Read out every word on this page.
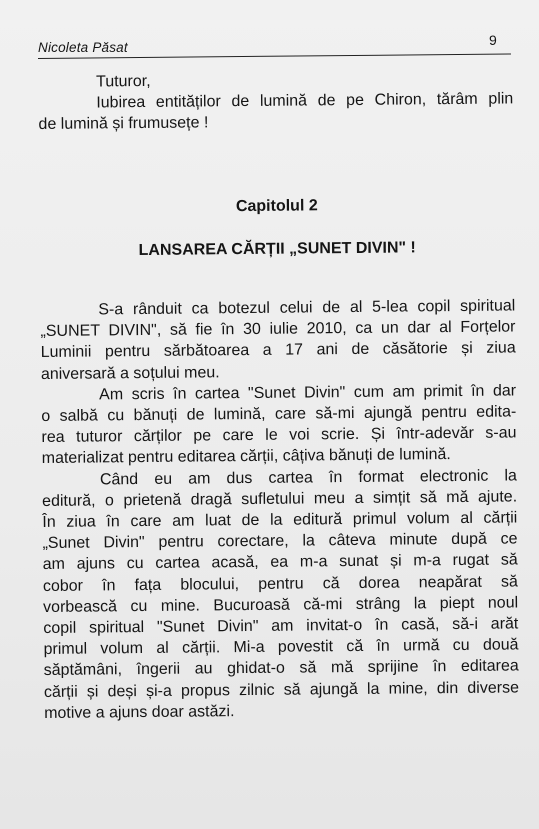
Nicoleta Păsat	9
Tuturor,
Iubirea entităților de lumină de pe Chiron, tărâm plin
de lumină și frumusețe !
Capitolul 2
LANSAREA CĂRȚII „SUNET DIVIN" !
S-a rânduit ca botezul celui de al 5-lea copil spiritual
„SUNET DIVIN", să fie în 30 iulie 2010, ca un dar al Forțelor
Luminii pentru sărbătoarea a 17 ani de căsătorie și ziua
aniversară a soțului meu.
Am scris în cartea "Sunet Divin" cum am primit în dar
o salbă cu bănuți de lumină, care să-mi ajungă pentru edita-
rea tuturor cărților pe care le voi scrie. Și într-adevăr s-au
materializat pentru editarea cărții, câțiva bănuți de lumină.
Când eu am dus cartea în format electronic la
editură, o prietenă dragă sufletului meu a simțit să mă ajute.
În ziua în care am luat de la editură primul volum al cărții
„Sunet Divin" pentru corectare, la câteva minute după ce
am ajuns cu cartea acasă, ea m-a sunat și m-a rugat să
cobor în fața blocului, pentru că dorea neapărat să
vorbească cu mine. Bucuroasă că-mi strâng la piept noul
copil spiritual "Sunet Divin" am invitat-o în casă, să-i arăt
primul volum al cărții. Mi-a povestit că în urmă cu două
săptămâni, îngerii au ghidat-o să mă sprijine în editarea
cărții și deși și-a propus zilnic să ajungă la mine, din diverse
motive a ajuns doar astăzi.
